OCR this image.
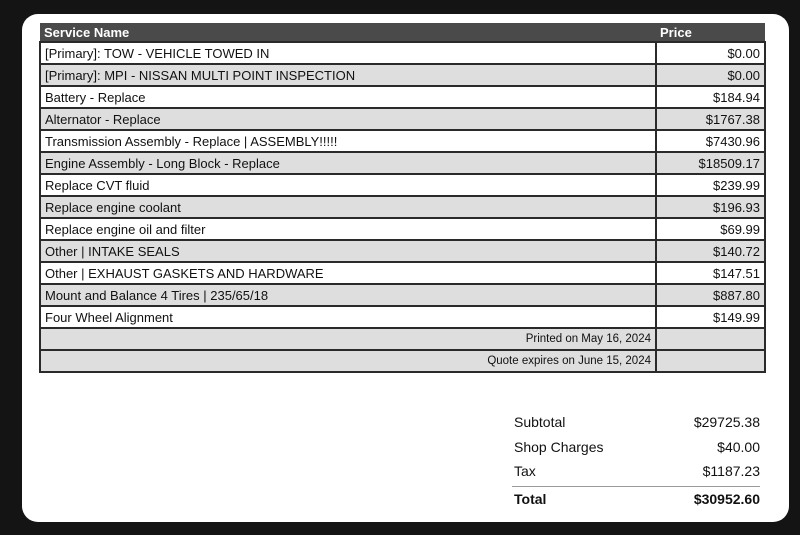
Service Name	Price
[Primary]: TOW - VEHICLE TOWED IN	$0.00
[Primary]: MPI - NISSAN MULTI POINT INSPECTION	$0.00
Battery - Replace	$184.94
Alternator - Replace	$1767.38
Transmission Assembly - Replace | ASSEMBLY!!!!!	$7430.96
Engine Assembly - Long Block - Replace	$18509.17
Replace CVT fluid	$239.99
Replace engine coolant	$196.93
Replace engine oil and filter	$69.99
Other | INTAKE SEALS	$140.72
Other | EXHAUST GASKETS AND HARDWARE	$147.51
Mount and Balance 4 Tires | 235/65/18	$887.80
Four Wheel Alignment	$149.99
Printed on May 16, 2024	
Quote expires on June 15, 2024	
Subtotal	$29725.38
Shop Charges	$40.00
Tax	$1187.23
Total	$30952.60
